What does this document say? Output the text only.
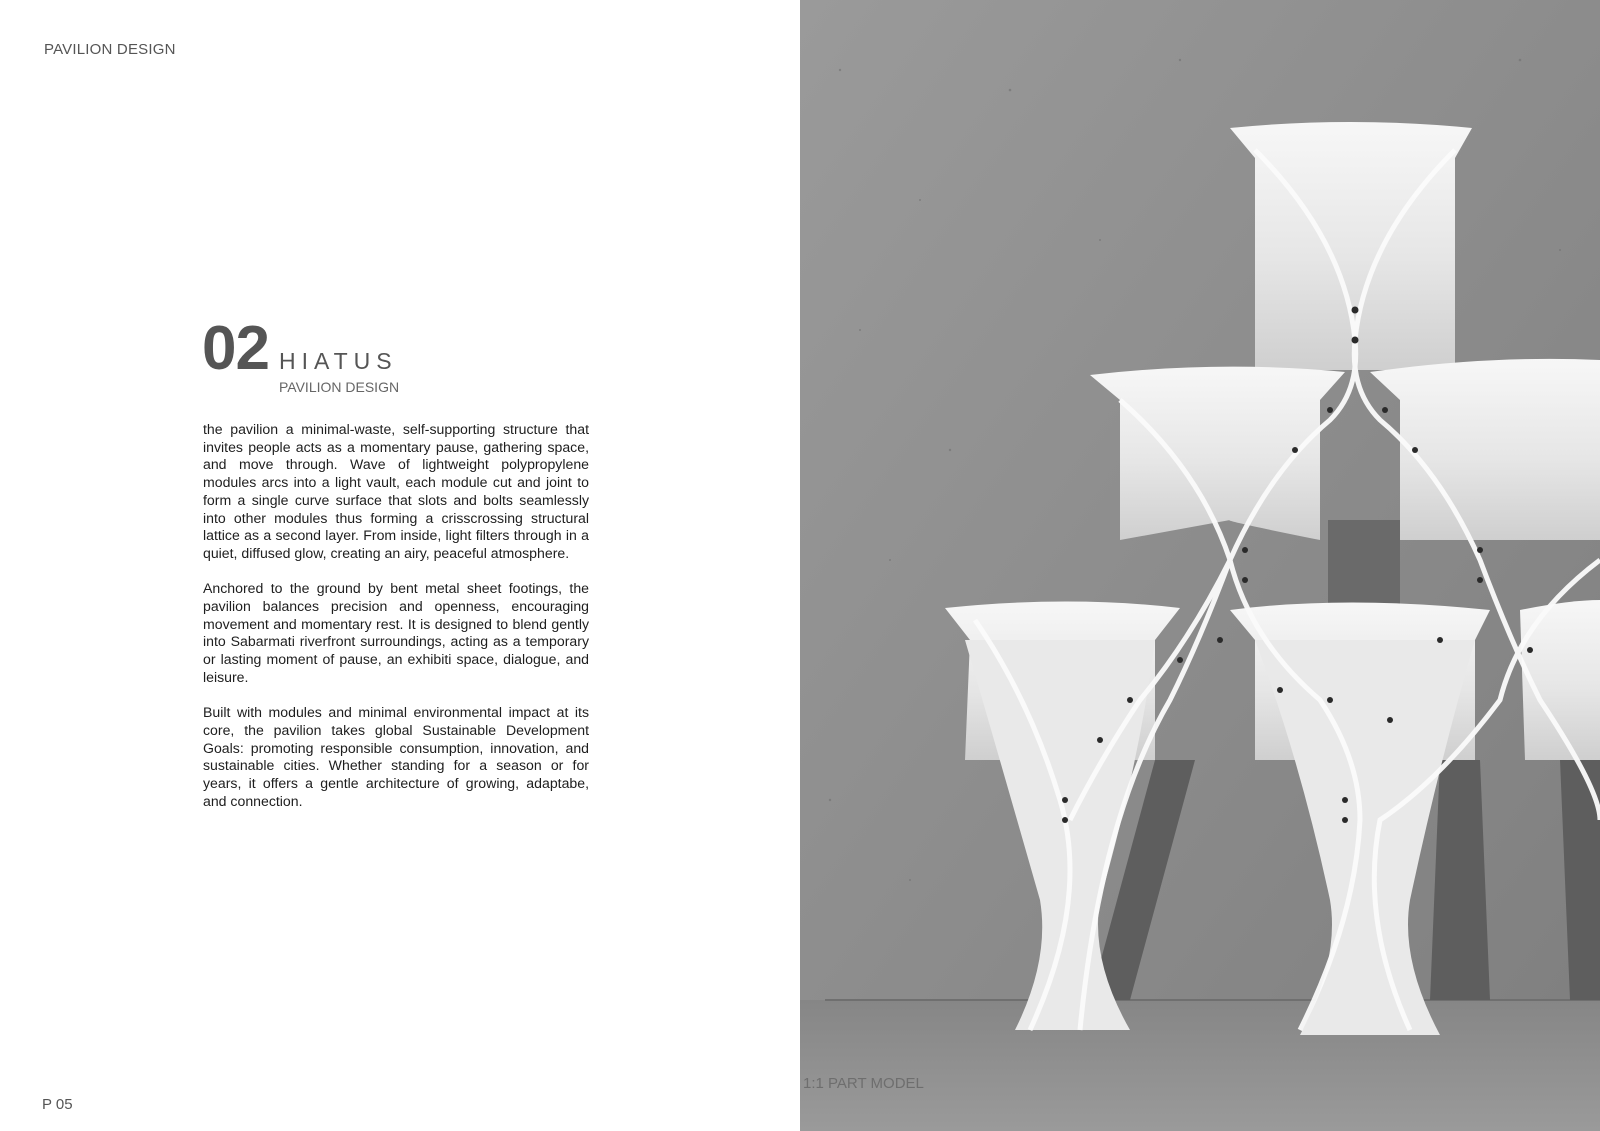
PAVILION DESIGN
02 HIATUS
PAVILION DESIGN

the pavilion a minimal-waste, self-supporting structure that invites people acts as a momentary pause, gathering space, and move through. Wave of lightweight polypropylene modules arcs into a light vault, each module cut and joint to form a single curve surface that slots and bolts seamlessly into other modules thus forming a crisscrossing structural lattice as a second layer. From inside, light filters through in a quiet, diffused glow, creating an airy, peaceful atmosphere.

Anchored to the ground by bent metal sheet footings, the pavilion balances precision and openness, encouraging movement and momentary rest. It is designed to blend gently into Sabarmati riverfront surroundings, acting as a temporary or lasting moment of pause, an exhibiti space, dialogue, and leisure.

Built with modules and minimal environmental impact at its core, the pavilion takes global Sustainable Development Goals: promoting responsible consumption, innovation, and sustainable cities. Whether standing for a season or for years, it offers a gentle architecture of growing, adaptabe, and connection.

P 05
1:1 PART MODEL
